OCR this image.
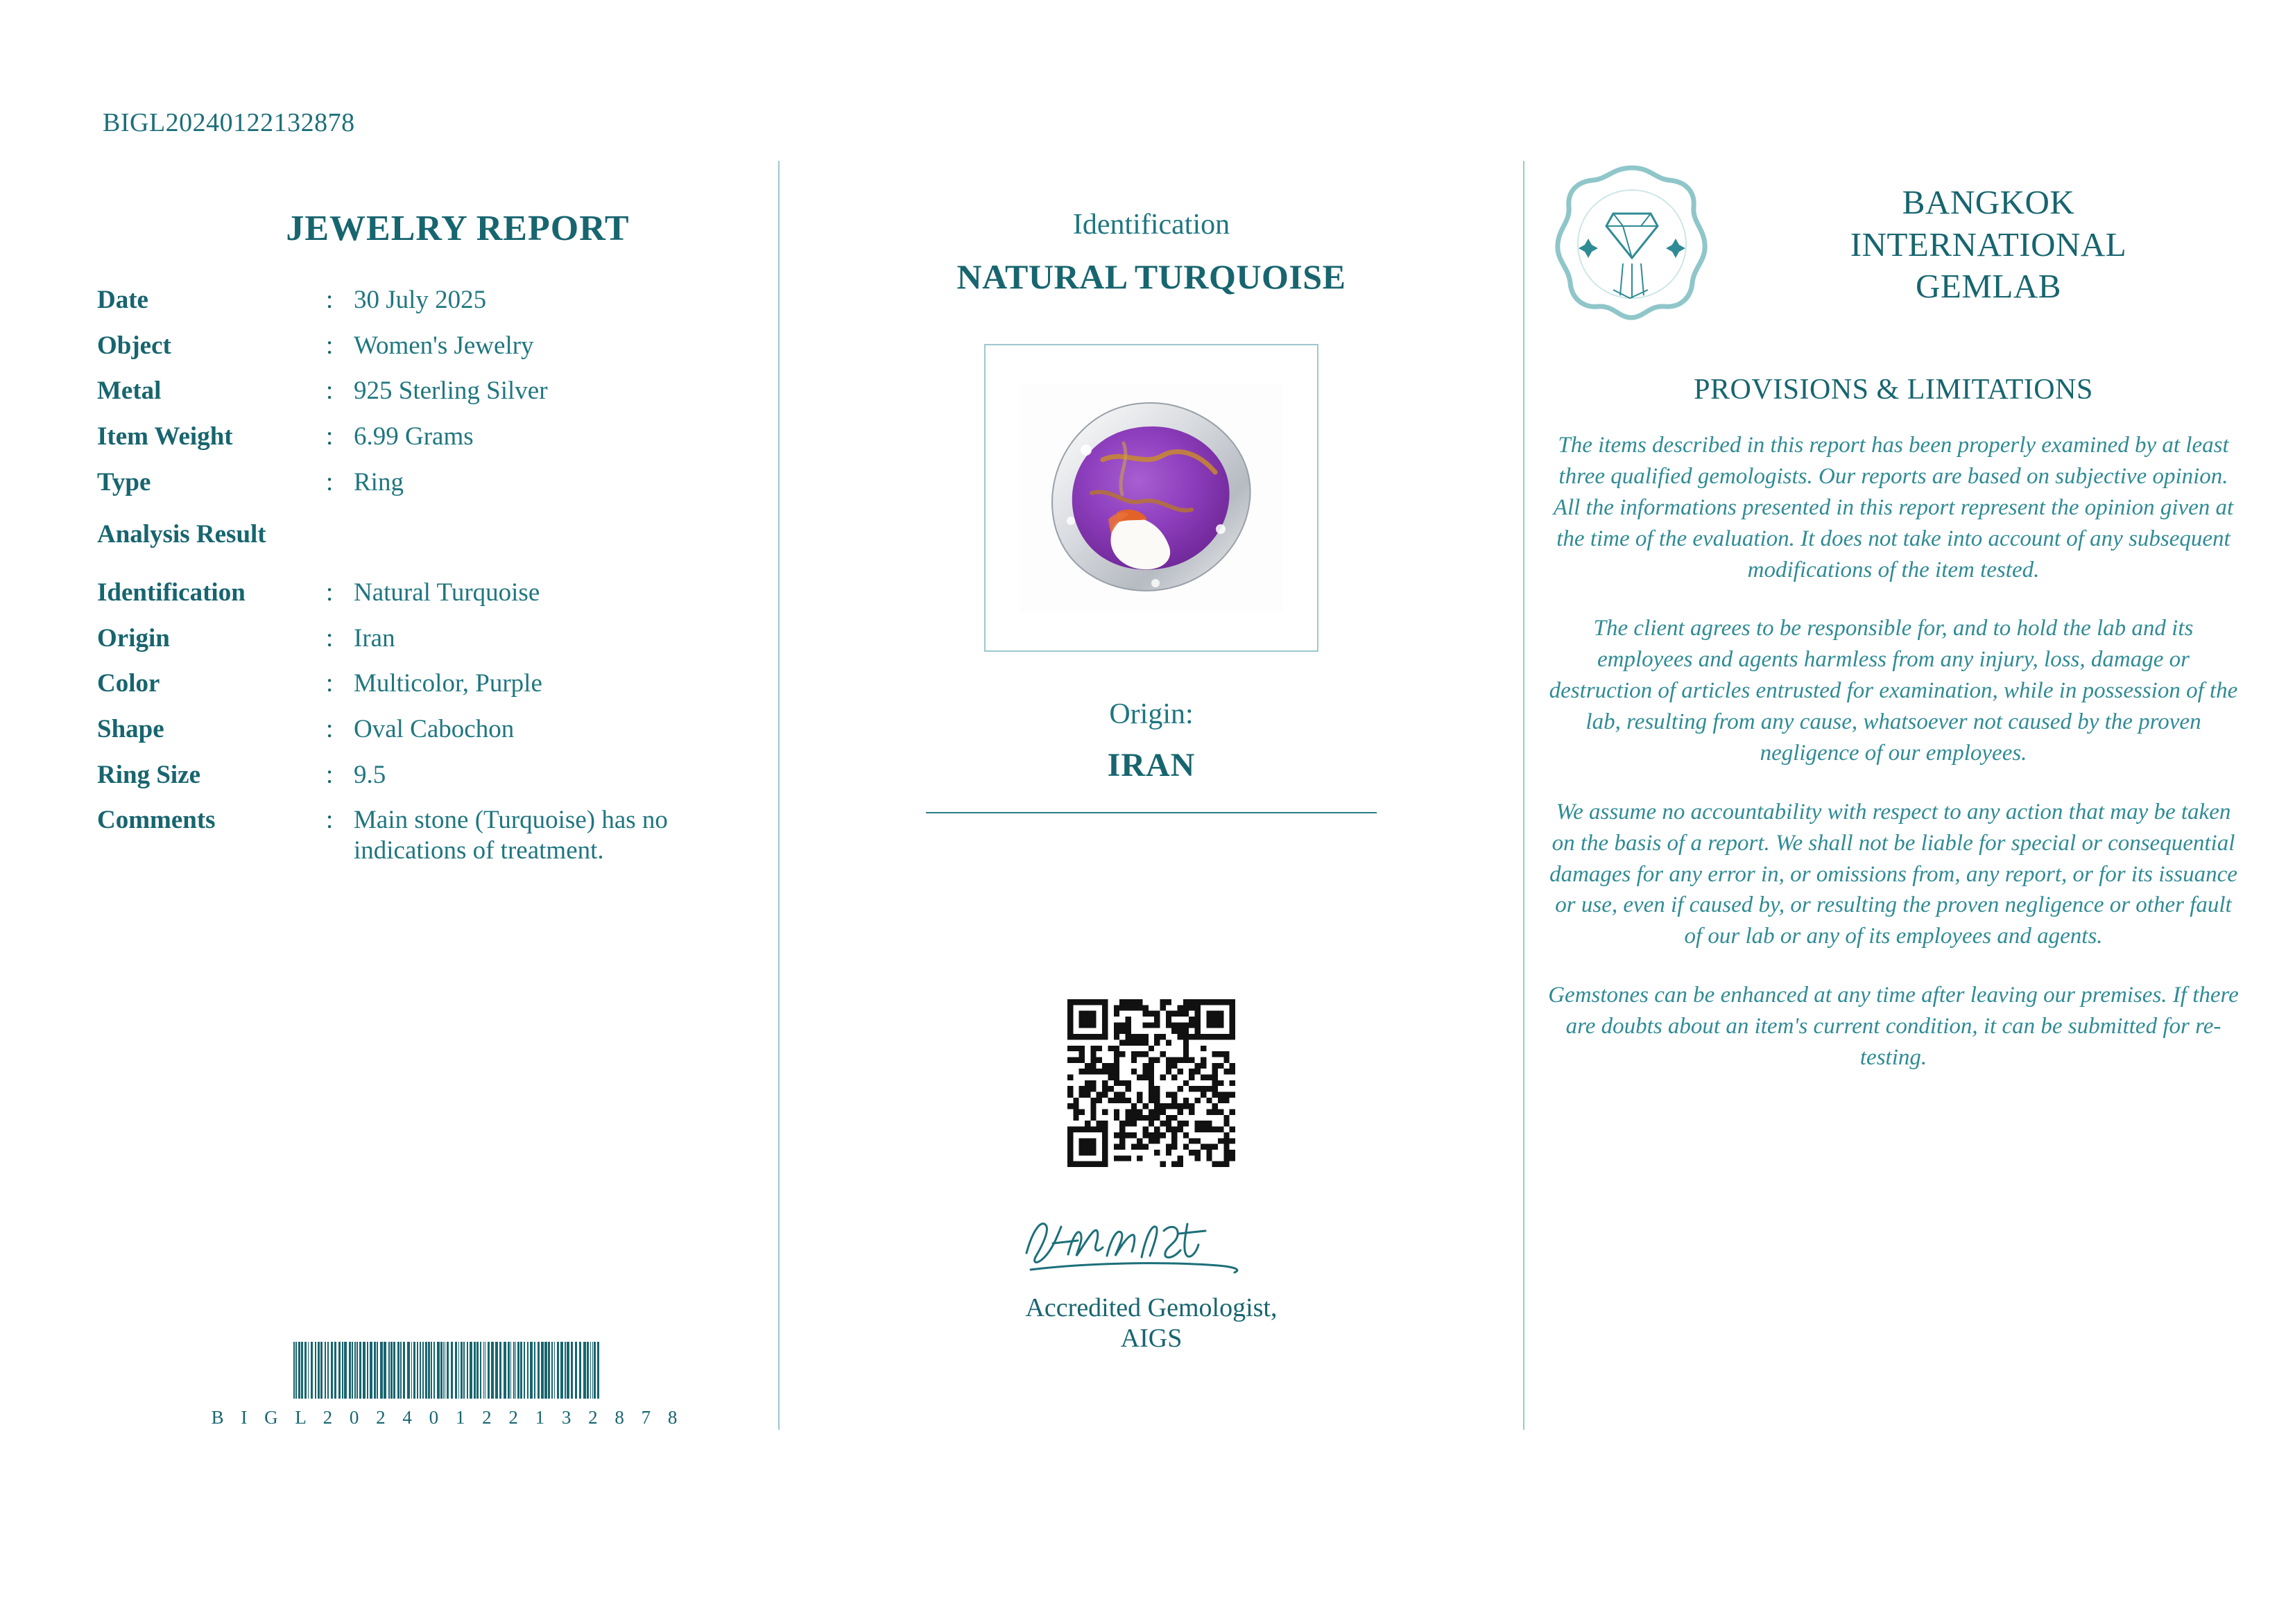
BIGL20240122132878
JEWELRY REPORT
Date	:	30 July 2025
Object	:	Women's Jewelry
Metal	:	925 Sterling Silver
Item Weight	:	6.99 Grams
Type	:	Ring
Analysis Result		
Identification	:	Natural Turquoise
Origin	:	Iran
Color	:	Multicolor, Purple
Shape	:	Oval Cabochon
Ring Size	:	9.5
Comments	:	Main stone (Turquoise) has no indications of treatment.
B I G L 2 0 2 4 0 1 2 2 1 3 2 8 7 8
Identification
NATURAL TURQUOISE
Origin:
IRAN
Accredited Gemologist, AIGS
BANGKOK
INTERNATIONAL
GEMLAB
PROVISIONS & LIMITATIONS

The items described in this report has been properly examined by at least three qualified gemologists. Our reports are based on subjective opinion. All the informations presented in this report represent the opinion given at the time of the evaluation. It does not take into account of any subsequent modifications of the item tested.

The client agrees to be responsible for, and to hold the lab and its employees and agents harmless from any injury, loss, damage or destruction of articles entrusted for examination, while in possession of the lab, resulting from any cause, whatsoever not caused by the proven negligence of our employees.

We assume no accountability with respect to any action that may be taken on the basis of a report. We shall not be liable for special or consequential damages for any error in, or omissions from, any report, or for its issuance or use, even if caused by, or resulting the proven negligence or other fault of our lab or any of its employees and agents.

Gemstones can be enhanced at any time after leaving our premises. If there are doubts about an item's current condition, it can be submitted for re-testing.
